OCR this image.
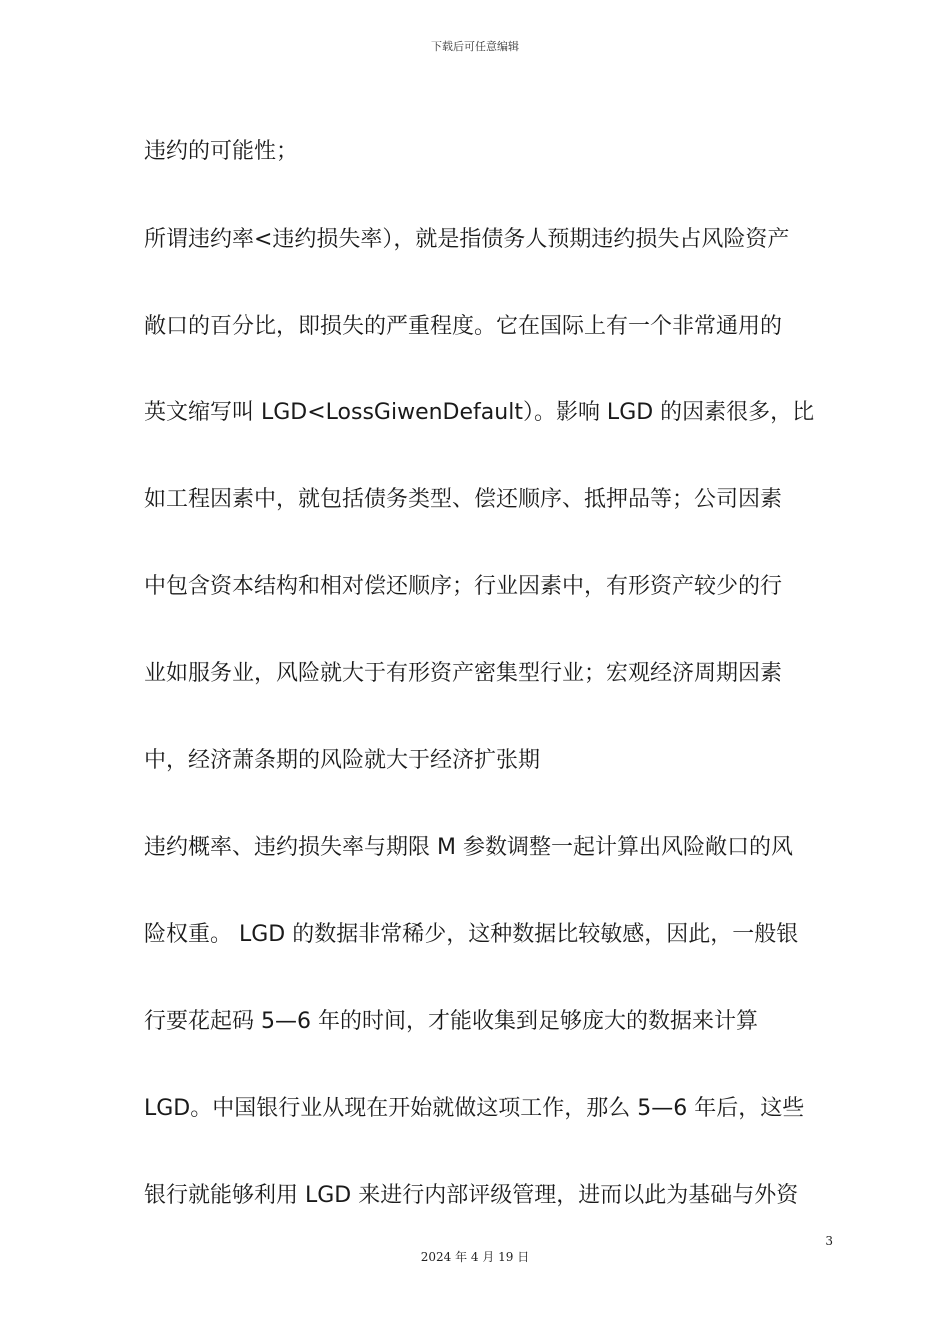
下载后可任意编辑
违约的可能性；
所谓违约率<违约损失率），就是指债务人预期违约损失占风险资产
敞口的百分比，即损失的严重程度。它在国际上有一个非常通用的
英文缩写叫 LGD<LossGiwenDefault）。影响 LGD 的因素很多，比
如工程因素中，就包括债务类型、偿还顺序、抵押品等；公司因素
中包含资本结构和相对偿还顺序；行业因素中，有形资产较少的行
业如服务业，风险就大于有形资产密集型行业；宏观经济周期因素
中，经济萧条期的风险就大于经济扩张期
违约概率、违约损失率与期限 M 参数调整一起计算出风险敞口的风
险权重。 LGD 的数据非常稀少，这种数据比较敏感，因此，一般银
行要花起码 5—6 年的时间，才能收集到足够庞大的数据来计算
LGD。中国银行业从现在开始就做这项工作，那么 5—6 年后，这些
银行就能够利用 LGD 来进行内部评级管理，进而以此为基础与外资
3
2024 年 4 月 19 日
